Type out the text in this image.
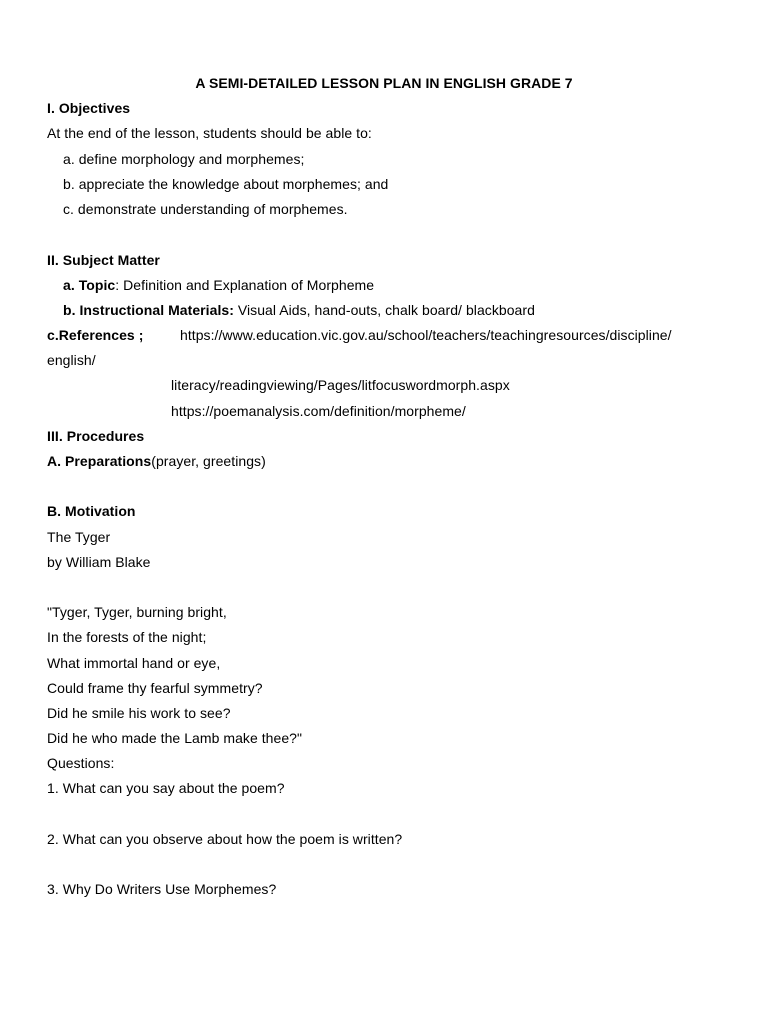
A SEMI-DETAILED LESSON PLAN IN ENGLISH GRADE 7
I. Objectives
At the end of the lesson, students should be able to:
a. define morphology and morphemes;
b. appreciate the knowledge about morphemes; and
c. demonstrate understanding of morphemes.
II. Subject Matter
a. Topic: Definition and Explanation of Morpheme
b. Instructional Materials: Visual Aids, hand-outs, chalk board/ blackboard
c.References ;	https://www.education.vic.gov.au/school/teachers/teachingresources/discipline/
english/
literacy/readingviewing/Pages/litfocuswordmorph.aspx
https://poemanalysis.com/definition/morpheme/
III. Procedures
A. Preparations(prayer, greetings)
B. Motivation
The Tyger
by William Blake
"Tyger, Tyger, burning bright,
In the forests of the night;
What immortal hand or eye,
Could frame thy fearful symmetry?
Did he smile his work to see?
Did he who made the Lamb make thee?"
Questions:
1. What can you say about the poem?
2. What can you observe about how the poem is written?
3. Why Do Writers Use Morphemes?
